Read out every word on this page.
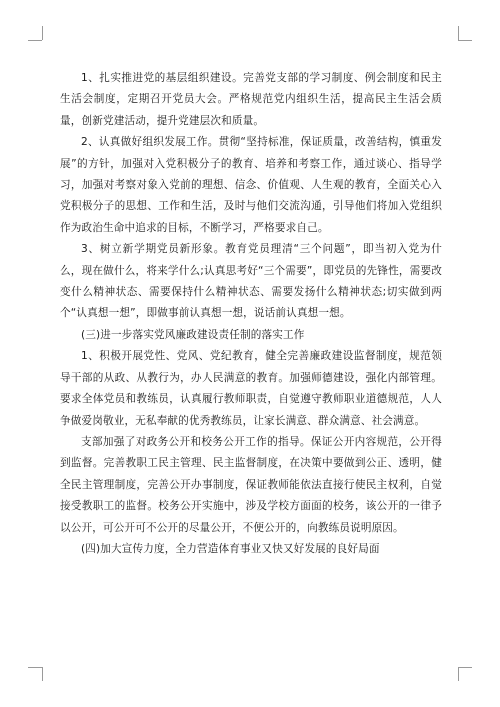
1、扎实推进党的基层组织建设。完善党支部的学习制度、例会制度和民主生活会制度，定期召开党员大会。严格规范党内组织生活，提高民主生活会质量，创新党建活动，提升党建层次和质量。

2、认真做好组织发展工作。贯彻“坚持标准，保证质量，改善结构，慎重发展”的方针，加强对入党积极分子的教育、培养和考察工作，通过谈心、指导学习，加强对考察对象入党前的理想、信念、价值观、人生观的教育，全面关心入党积极分子的思想、工作和生活，及时与他们交流沟通，引导他们将加入党组织作为政治生命中追求的目标，不断学习，严格要求自己。

3、树立新学期党员新形象。教育党员理清“三个问题”，即当初入党为什么，现在做什么，将来学什么;认真思考好“三个需要”，即党员的先锋性，需要改变什么精神状态、需要保持什么精神状态、需要发扬什么精神状态;切实做到两个“认真想一想”，即做事前认真想一想，说话前认真想一想。

(三)进一步落实党风廉政建设责任制的落实工作

1、积极开展党性、党风、党纪教育，健全完善廉政建设监督制度，规范领导干部的从政、从教行为，办人民满意的教育。加强师德建设，强化内部管理。要求全体党员和教练员，认真履行教师职责，自觉遵守教师职业道德规范，人人争做爱岗敬业，无私奉献的优秀教练员，让家长满意、群众满意、社会满意。

支部加强了对政务公开和校务公开工作的指导。保证公开内容规范，公开得到监督。完善教职工民主管理、民主监督制度，在决策中要做到公正、透明，健全民主管理制度，完善公开办事制度，保证教师能依法直接行使民主权利，自觉接受教职工的监督。校务公开实施中，涉及学校方面面的校务，该公开的一律予以公开，可公开可不公开的尽量公开，不便公开的，向教练员说明原因。

(四)加大宣传力度，全力营造体育事业又快又好发展的良好局面
